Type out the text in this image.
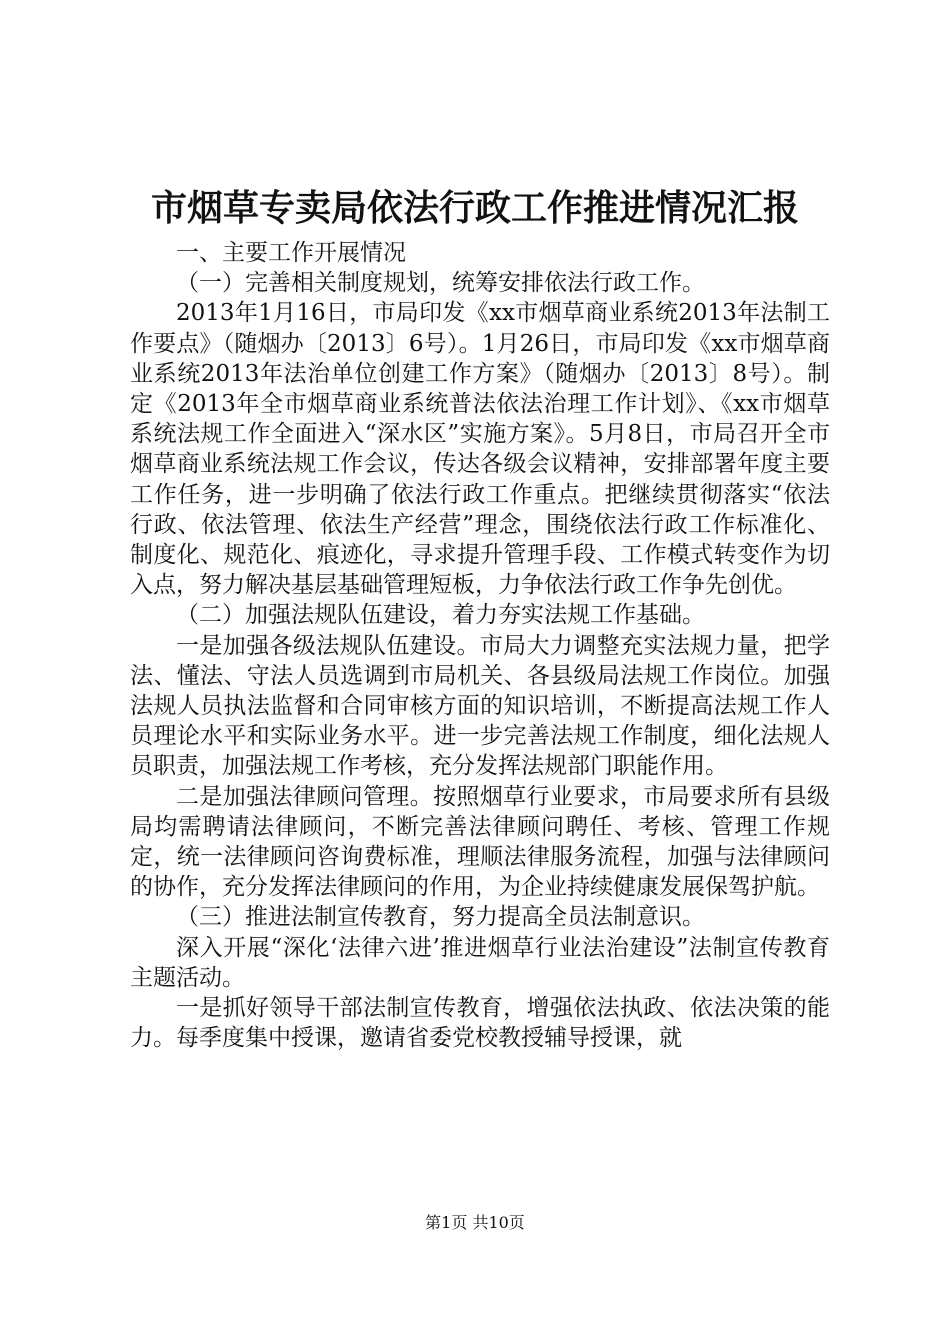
市烟草专卖局依法行政工作推进情况汇报

一、主要工作开展情况

（一）完善相关制度规划，统筹安排依法行政工作。

2013年1月16日，市局印发《xx市烟草商业系统2013年法制工作要点》（随烟办〔2013〕6号）。1月26日，市局印发《xx市烟草商业系统2013年法治单位创建工作方案》（随烟办〔2013〕8号）。制定《2013年全市烟草商业系统普法依法治理工作计划》、《xx市烟草系统法规工作全面进入“深水区”实施方案》。5月8日，市局召开全市烟草商业系统法规工作会议，传达各级会议精神，安排部署年度主要工作任务，进一步明确了依法行政工作重点。把继续贯彻落实“依法行政、依法管理、依法生产经营”理念，围绕依法行政工作标准化、制度化、规范化、痕迹化，寻求提升管理手段、工作模式转变作为切入点，努力解决基层基础管理短板，力争依法行政工作争先创优。

（二）加强法规队伍建设，着力夯实法规工作基础。

一是加强各级法规队伍建设。市局大力调整充实法规力量，把学法、懂法、守法人员选调到市局机关、各县级局法规工作岗位。加强法规人员执法监督和合同审核方面的知识培训，不断提高法规工作人员理论水平和实际业务水平。进一步完善法规工作制度，细化法规人员职责，加强法规工作考核，充分发挥法规部门职能作用。

二是加强法律顾问管理。按照烟草行业要求，市局要求所有县级局均需聘请法律顾问，不断完善法律顾问聘任、考核、管理工作规定，统一法律顾问咨询费标准，理顺法律服务流程，加强与法律顾问的协作，充分发挥法律顾问的作用，为企业持续健康发展保驾护航。

（三）推进法制宣传教育，努力提高全员法制意识。

深入开展“深化‘法律六进’推进烟草行业法治建设”法制宣传教育主题活动。

一是抓好领导干部法制宣传教育，增强依法执政、依法决策的能力。每季度集中授课，邀请省委党校教授辅导授课，就

第1页 共10页
